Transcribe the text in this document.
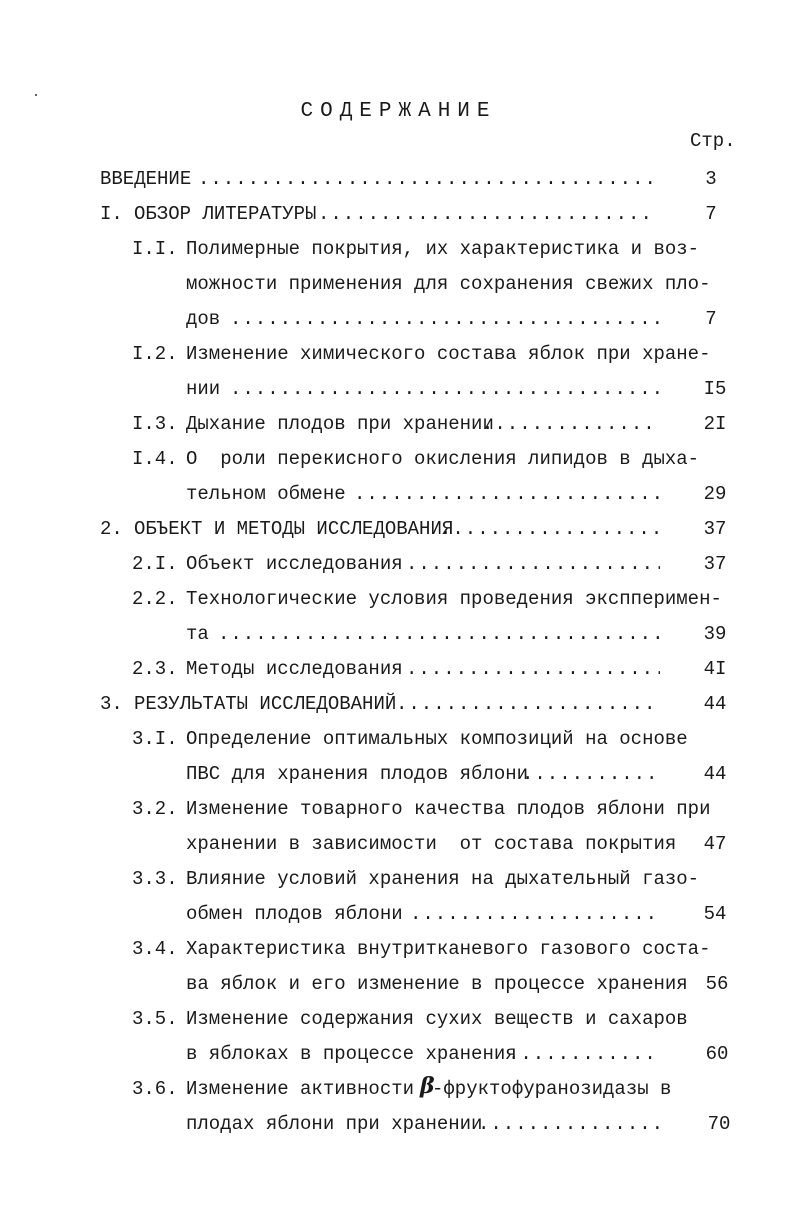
СОДЕРЖАНИЕ
Стр.
ВВЕДЕНИЕ .....	3
I. ОБЗОР ЛИТЕРАТУРЫ .....	7
I.I. Полимерные покрытия, их характеристика и воз-
можности применения для сохранения свежих пло-
дов .....	7
I.2. Изменение химического состава яблок при хране-
нии .....	I5
I.3. Дыхание плодов при хранении .....	2I
I.4. О  роли перекисного окисления липидов в дыха-
тельном обмене .....	29
2. ОБЪЕКТ И МЕТОДЫ ИССЛЕДОВАНИЯ .....	37
2.I. Объект исследования .....	37
2.2. Технологические условия проведения экспперимен-
та .....	39
2.3. Методы исследования .....	4I
3. РЕЗУЛЬТАТЫ ИССЛЕДОВАНИЙ .....	44
3.I. Определение оптимальных композиций на основе
ПВС для хранения плодов яблони .....	44
3.2. Изменение товарного качества плодов яблони при
хранении в зависимости  от состава покрытия	47
3.3. Влияние условий хранения на дыхательный газо-
обмен плодов яблони .....	54
3.4. Характеристика внутритканевого газового соста-
ва яблок и его изменение в процессе хранения 56
3.5. Изменение содержания сухих веществ и сахаров
в яблоках в процессе хранения .....	60
3.6. Изменение активности β
-фруктофуранозидазы в
плодах яблони при хранении .....	70
